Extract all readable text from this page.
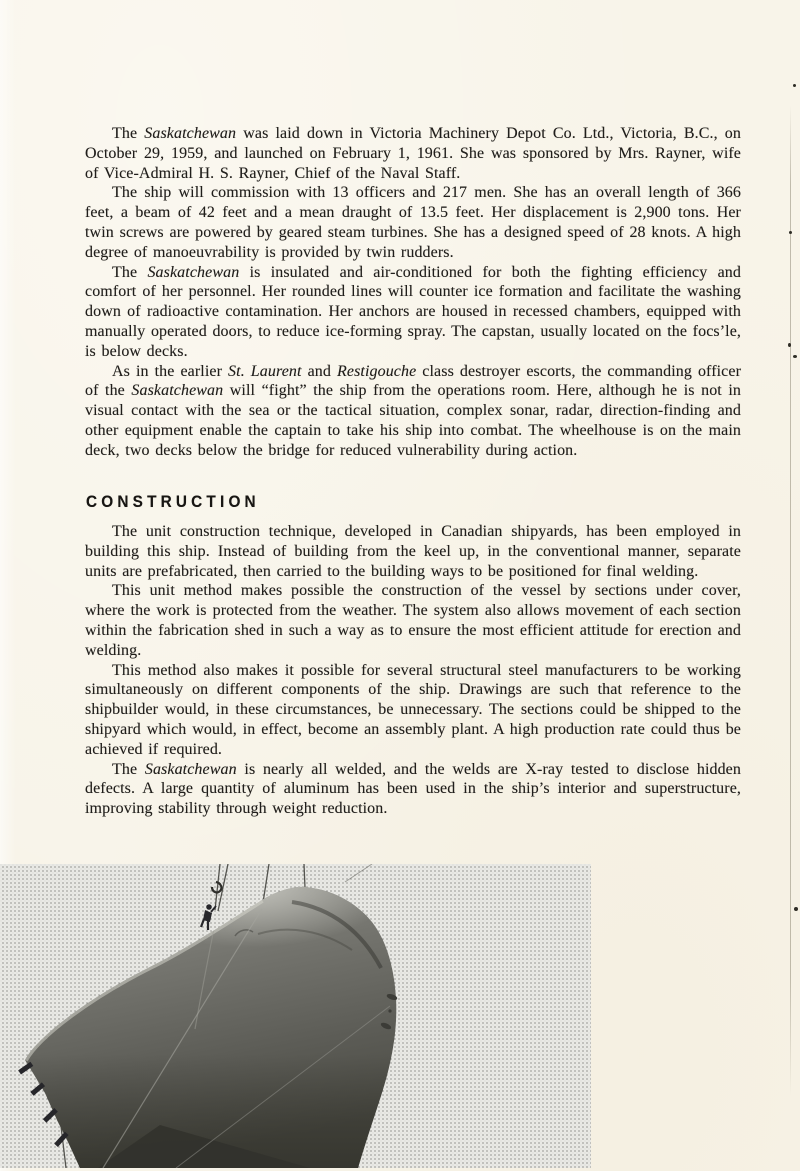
The Saskatchewan was laid down in Victoria Machinery Depot Co. Ltd., Victoria, B.C., on October 29, 1959, and launched on February 1, 1961. She was sponsored by Mrs. Rayner, wife of Vice-Admiral H. S. Rayner, Chief of the Naval Staff.

The ship will commission with 13 officers and 217 men. She has an overall length of 366 feet, a beam of 42 feet and a mean draught of 13.5 feet. Her displacement is 2,900 tons. Her twin screws are powered by geared steam turbines. She has a designed speed of 28 knots. A high degree of manoeuvrability is provided by twin rudders.

The Saskatchewan is insulated and air-conditioned for both the fighting efficiency and comfort of her personnel. Her rounded lines will counter ice formation and facilitate the washing down of radioactive contamination. Her anchors are housed in recessed chambers, equipped with manually operated doors, to reduce ice-forming spray. The capstan, usually located on the focs’le, is below decks.

As in the earlier St. Laurent and Restigouche class destroyer escorts, the commanding officer of the Saskatchewan will “fight” the ship from the operations room. Here, although he is not in visual contact with the sea or the tactical situation, complex sonar, radar, direction-finding and other equipment enable the captain to take his ship into combat. The wheelhouse is on the main deck, two decks below the bridge for reduced vulnerability during action.

CONSTRUCTION

The unit construction technique, developed in Canadian shipyards, has been employed in building this ship. Instead of building from the keel up, in the conventional manner, separate units are prefabricated, then carried to the building ways to be positioned for final welding.

This unit method makes possible the construction of the vessel by sections under cover, where the work is protected from the weather. The system also allows movement of each section within the fabrication shed in such a way as to ensure the most efficient attitude for erection and welding.

This method also makes it possible for several structural steel manufacturers to be working simultaneously on different components of the ship. Drawings are such that reference to the shipbuilder would, in these circumstances, be unnecessary. The sections could be shipped to the shipyard which would, in effect, become an assembly plant. A high production rate could thus be achieved if required.

The Saskatchewan is nearly all welded, and the welds are X-ray tested to disclose hidden defects. A large quantity of aluminum has been used in the ship’s interior and superstructure, improving stability through weight reduction.
